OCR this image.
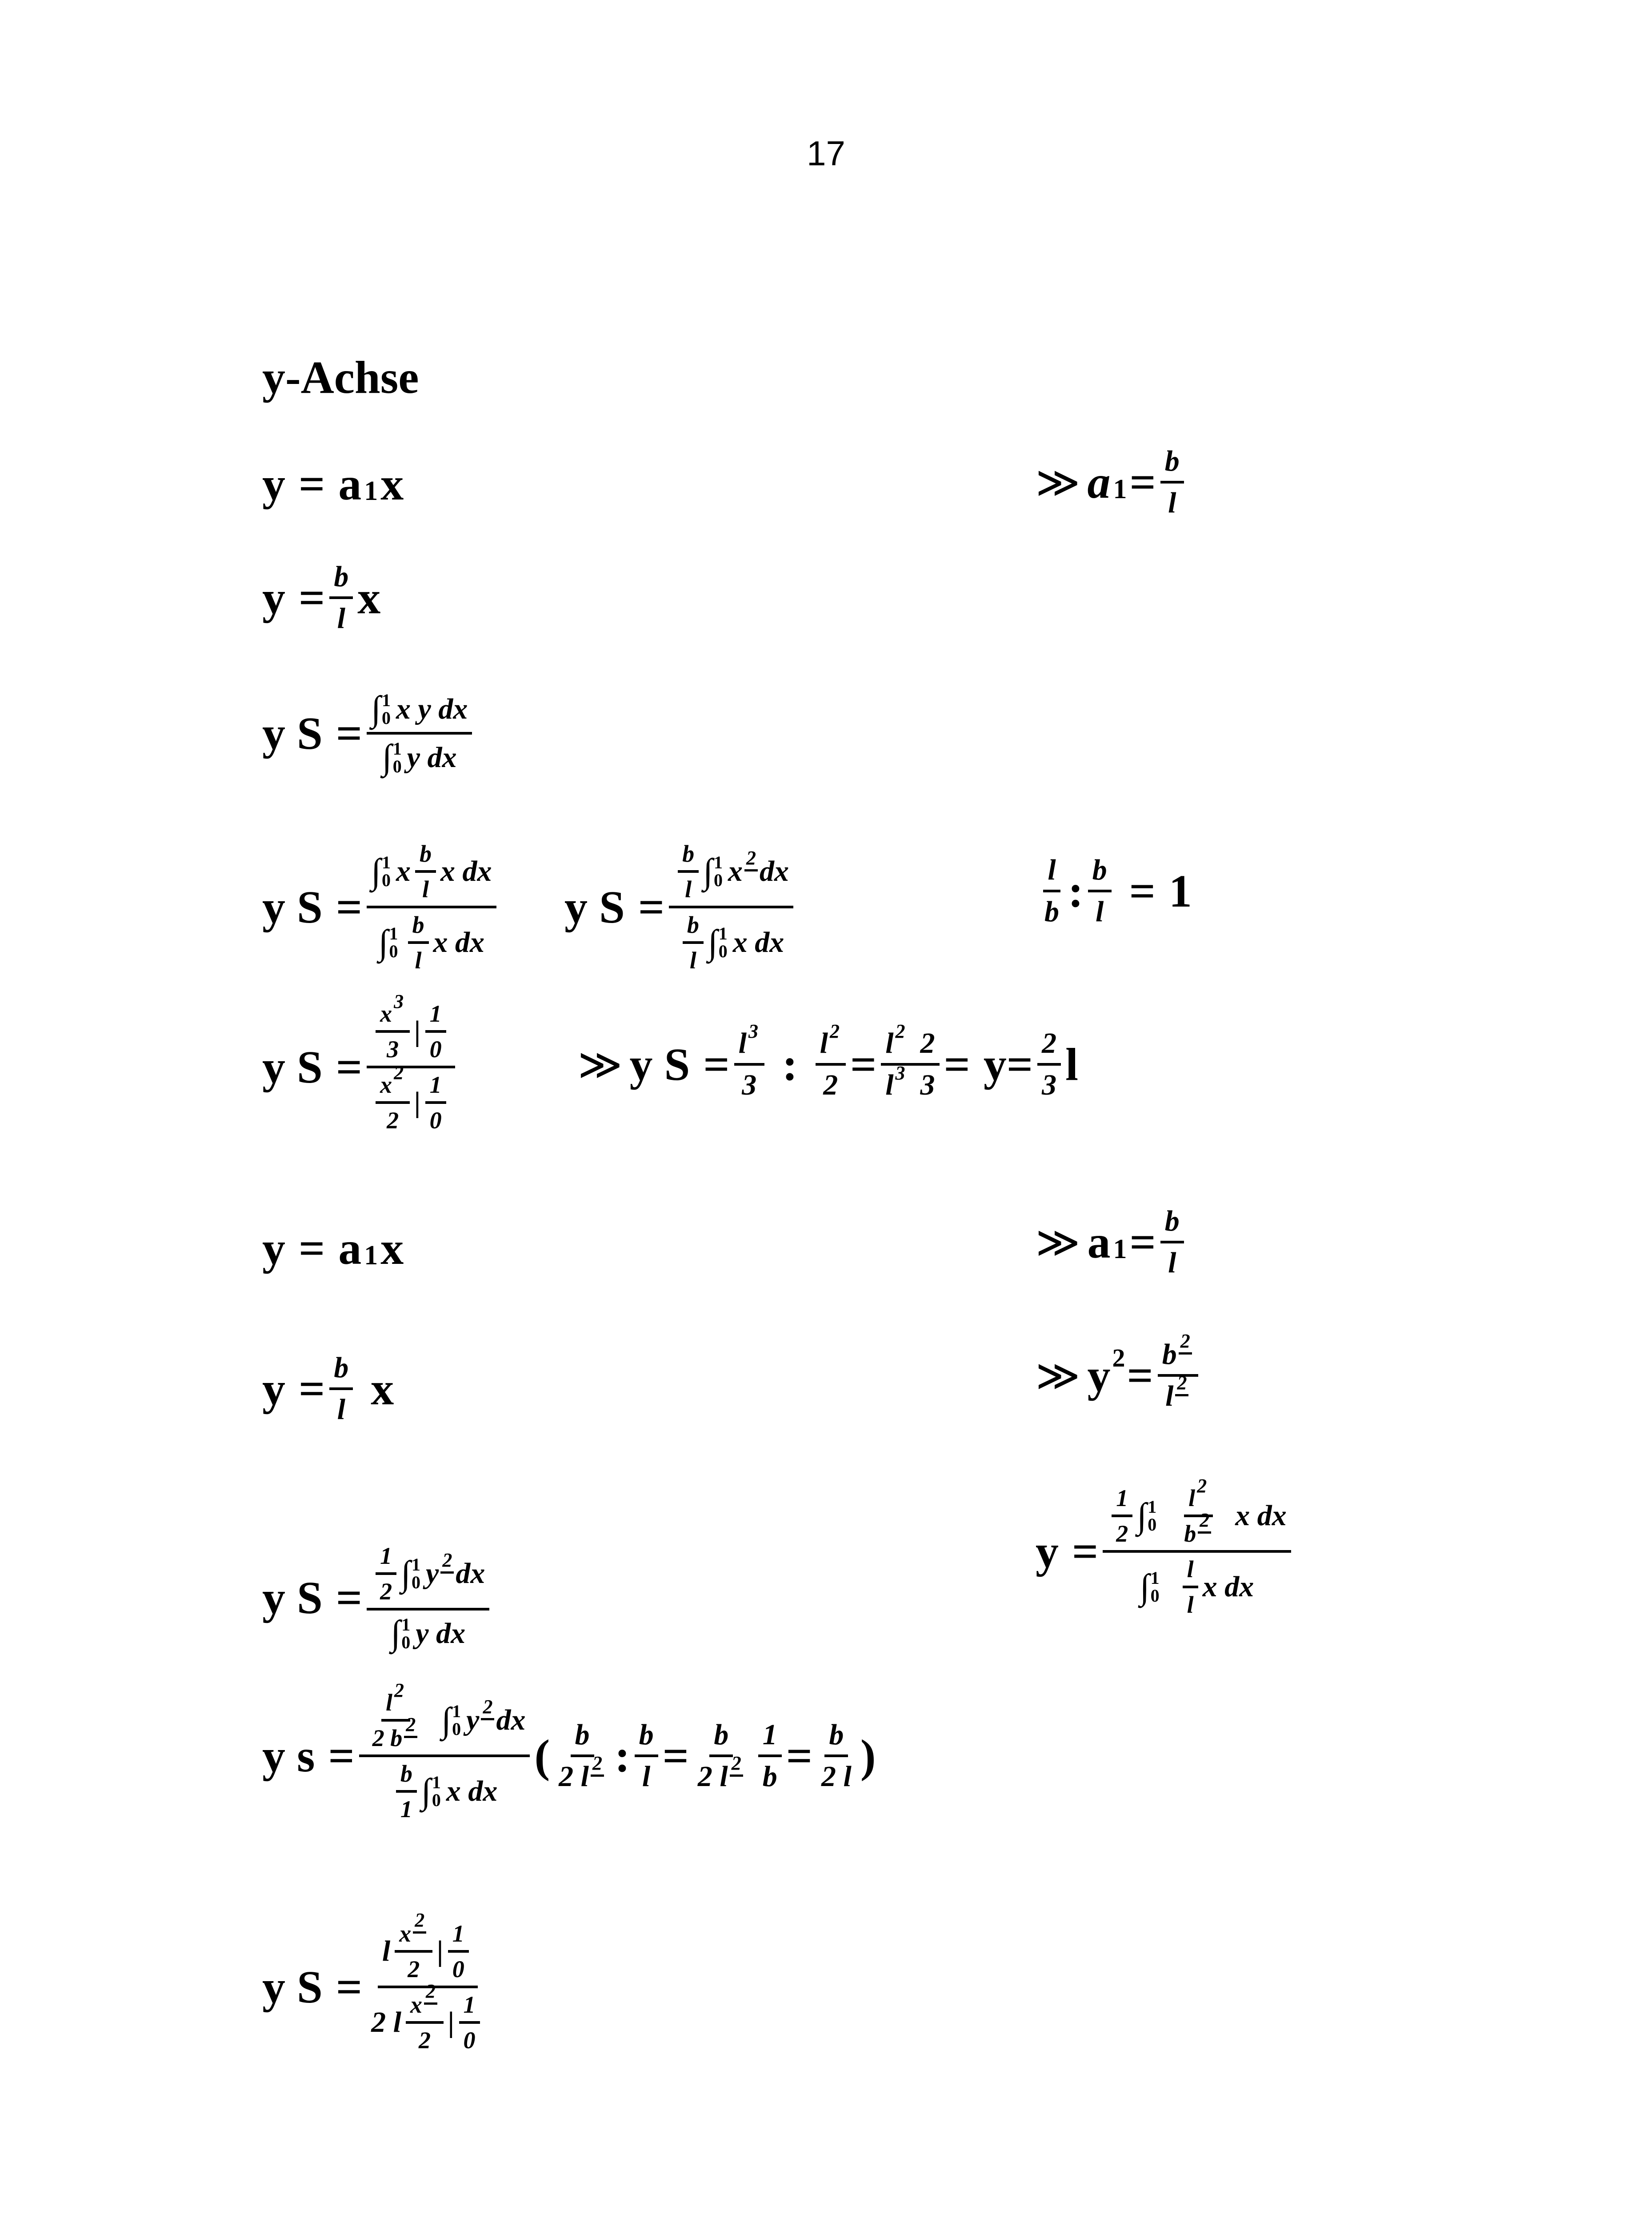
17
y-Achse
y = a 1 x	≫ a $1 = \frac{b}{l}$
$y = \frac{b}{l}$ x
y S = ∫ 1
0 x y dx
∫ 1
0 y dx
y S =
∫ 1
0 x
b
l
x dx
∫ 1
0
b
l
x dx
y S = b
l ∫ 1
0 x 2 dx
b
l ∫ 1
0 x dx	l
b : b
l = 1
y S = x 3
3
|
1
0
x 2
2
|
1
0	≫ y $S = \frac{l 3}{3}$ : $\frac{l 2}{2} = \frac{l 2 2}{l 3 3} = y = \frac{2}{3}$ l
y = a 1 x	≫ a $1 = \frac{b}{l}$
$y = \frac{b}{l}$ x	≫ y $2 = \frac{b 2}{l 2}$
y S = 1
2 ∫ 1
0 y 2 dx
∫ 1
0 y dx	y =
1
2 ∫ 1
0
l 2
b
2 x dx
∫ 1
0
l
l
x dx
y s = l 2
2 b
2 ∫ 1
0 y 2 dx
b
1 ∫ 1
0 x dx ( b
2 l 2 : $\frac{b}{l} = \frac{b}{2 l 2} \frac{1}{b} = \frac{b}{2 l}$ )
y S = l
x
2
2
|
1
0
2 l
x
2
2
|
1
0
